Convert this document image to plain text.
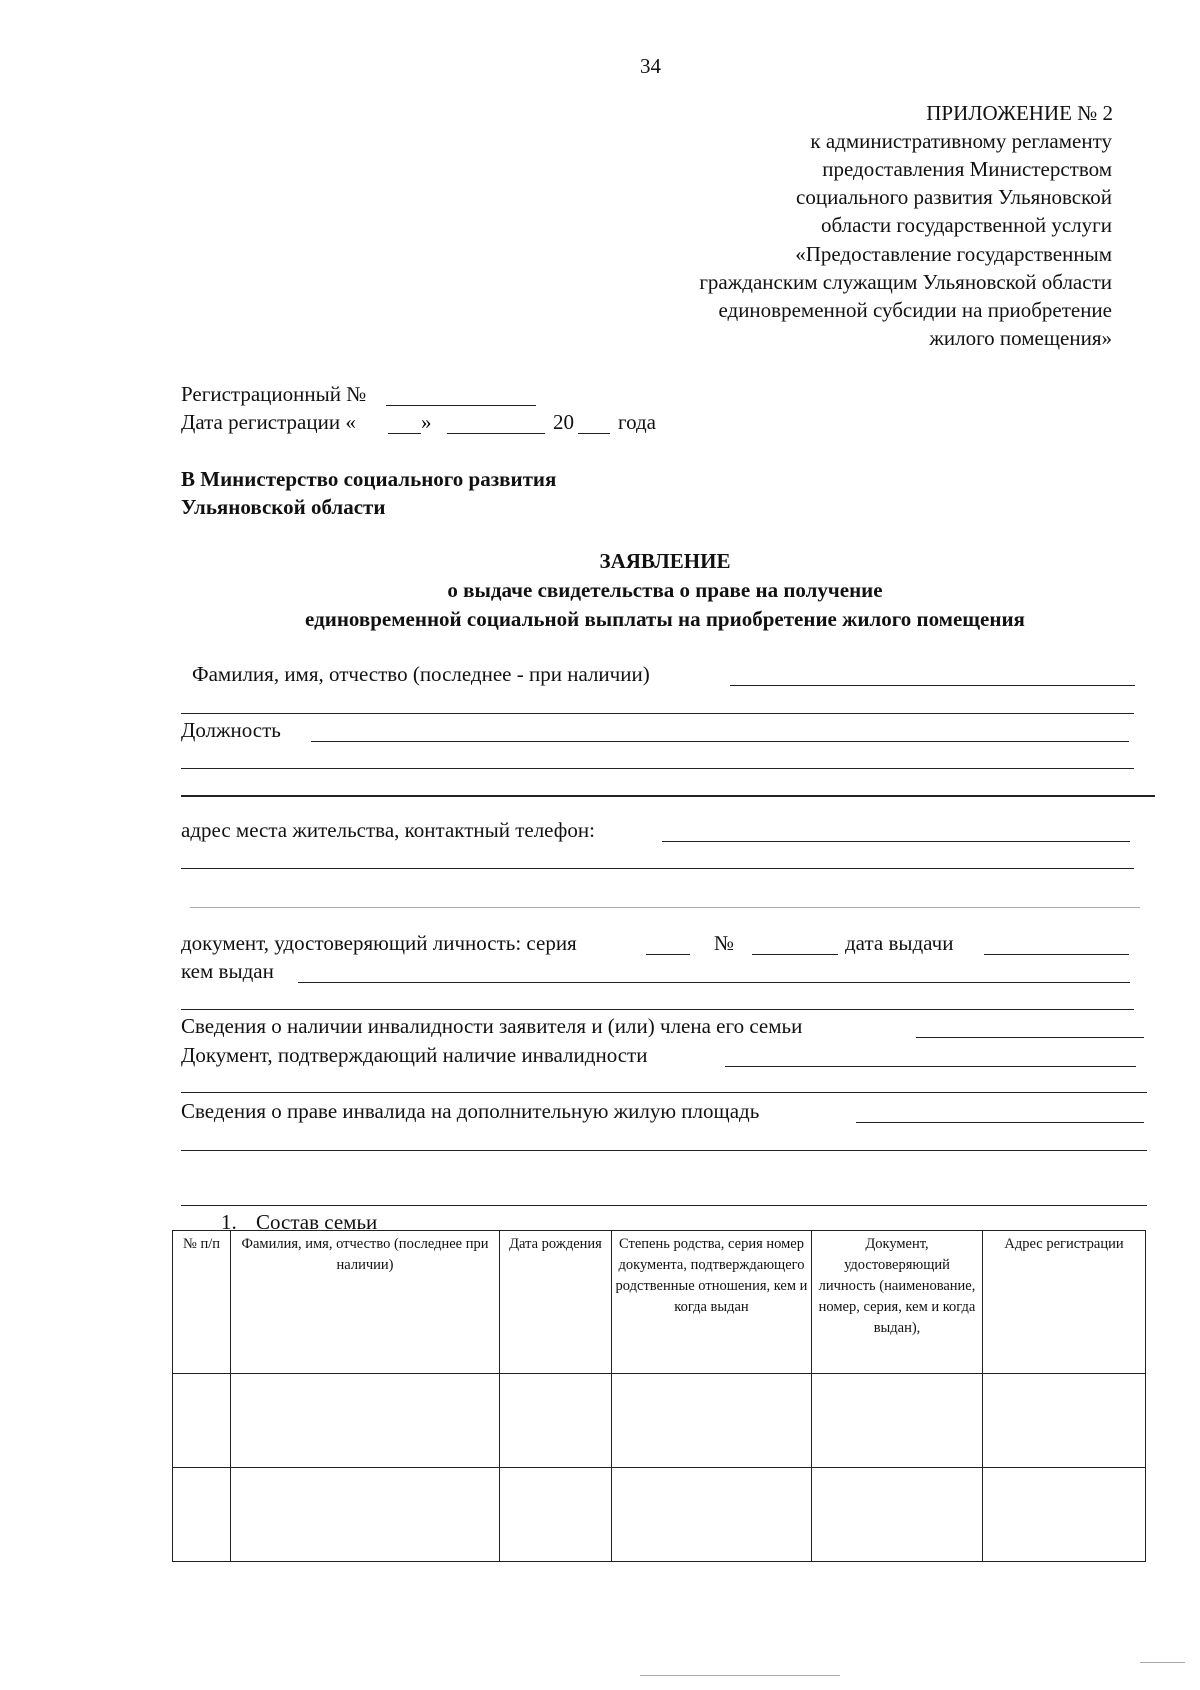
34
ПРИЛОЖЕНИЕ № 2
к административному регламенту
предоставления Министерством
социального развития Ульяновской
области государственной услуги
«Предоставление государственным
гражданским служащим Ульяновской области
единовременной субсидии на приобретение
жилого помещения»
Регистрационный №
Дата регистрации «	»	20 года
В Министерство социального развития
Ульяновской области
ЗАЯВЛЕНИЕ
о выдаче свидетельства о праве на получение
единовременной социальной выплаты на приобретение жилого помещения
Фамилия, имя, отчество (последнее - при наличии)
Должность
адрес места жительства, контактный телефон:
документ, удостоверяющий личность: серия	№	дата выдачи
кем выдан
Сведения о наличии инвалидности заявителя и (или) члена его семьи
Документ, подтверждающий наличие инвалидности
Сведения о праве инвалида на дополнительную жилую площадь
1. Состав семьи
№ п/п	Фамилия, имя, отчество (последнее при наличии)	Дата рождения	Степень родства, серия номер документа, подтверждающего родственные отношения, кем и когда выдан	Документ, удостоверяющий личность (наименование, номер, серия, кем и когда выдан),	Адрес регистрации
